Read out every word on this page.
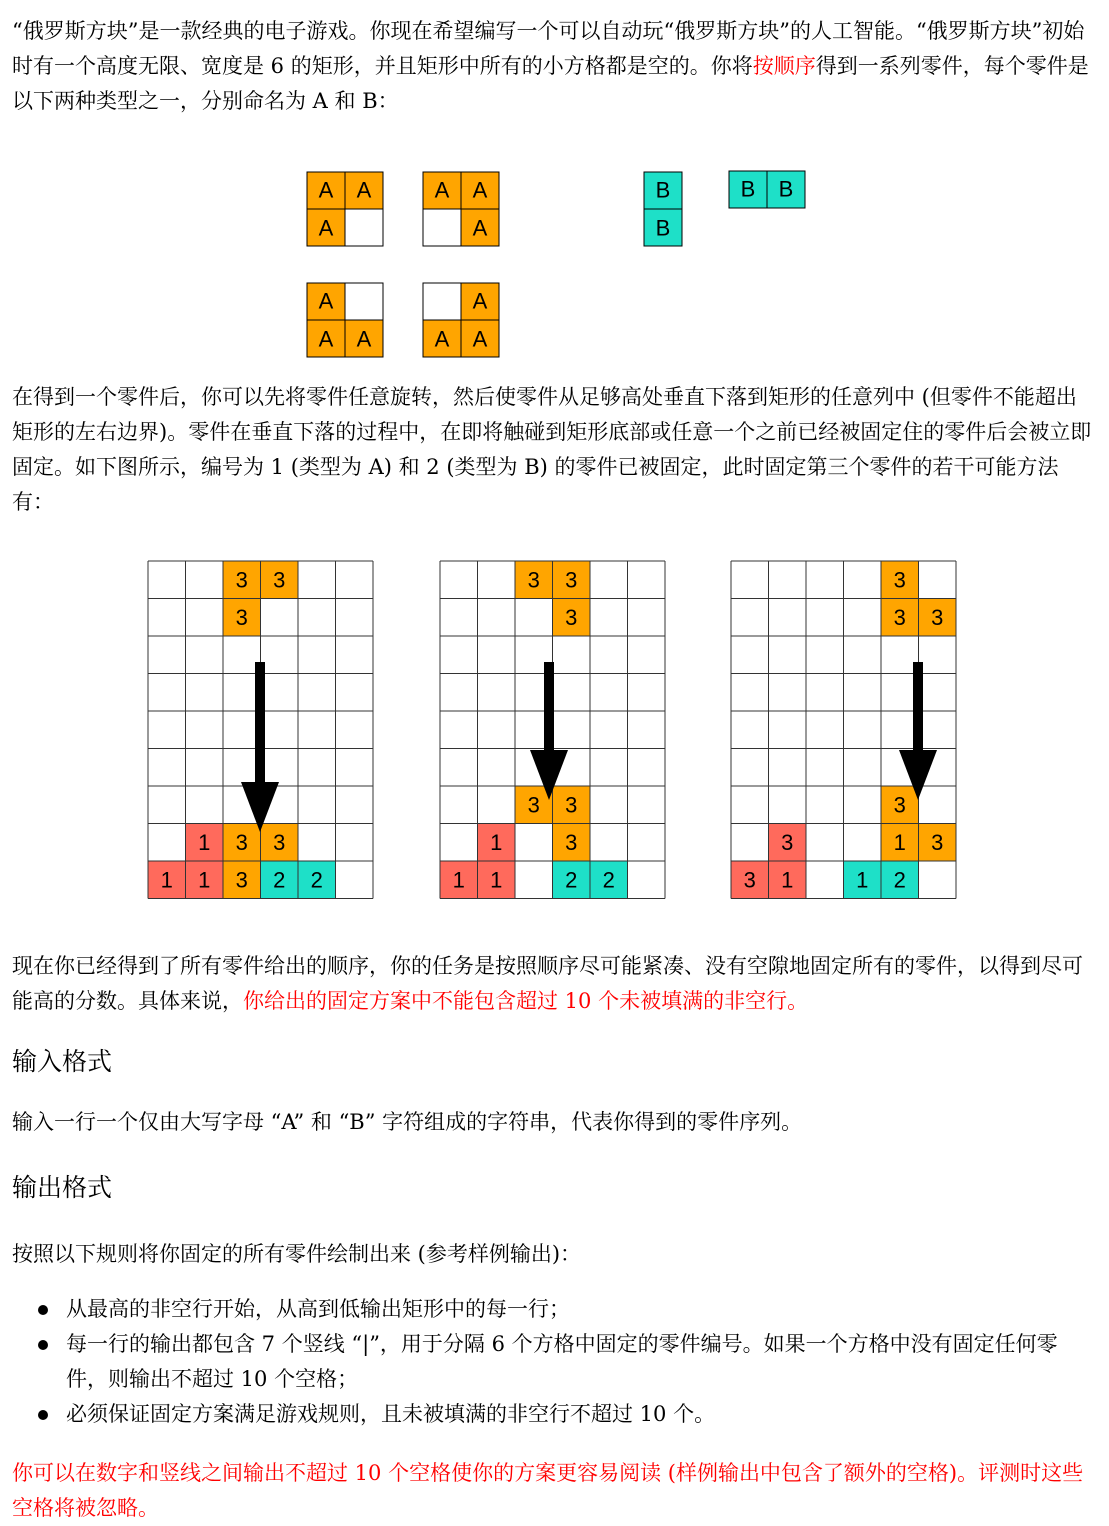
“俄罗斯方块”是一款经典的电子游戏。你现在希望编写一个可以自动玩“俄罗斯方块”的人工智能。“俄罗斯方块”初始时有一个高度无限、宽度是 6 的矩形，并且矩形中所有的小方格都是空的。你将按顺序得到一系列零件，每个零件是以下两种类型之一，分别命名为 A 和 B：

A A
A
A A
A
A
A A
A
A A
B
B
B B

在得到一个零件后，你可以先将零件任意旋转，然后使零件从足够高处垂直下落到矩形的任意列中 (但零件不能超出矩形的左右边界)。零件在垂直下落的过程中，在即将触碰到矩形底部或任意一个之前已经被固定住的零件后会被立即固定。如下图所示，编号为 1 (类型为 A) 和 2 (类型为 B) 的零件已被固定，此时固定第三个零件的若干可能方法有：

3 3
3
1 3 3
1 1 3 2 2
3 3
3
3 3
1	3
1 1	2 2
3
3 3
3
3	1 3
3 1	1 2

现在你已经得到了所有零件给出的顺序，你的任务是按照顺序尽可能紧凑、没有空隙地固定所有的零件，以得到尽可能高的分数。具体来说，你给出的固定方案中不能包含超过 10 个未被填满的非空行。

输入格式

输入一行一个仅由大写字母 “A” 和 “B” 字符组成的字符串，代表你得到的零件序列。

输出格式

按照以下规则将你固定的所有零件绘制出来 (参考样例输出)：

从最高的非空行开始，从高到低输出矩形中的每一行；
每一行的输出都包含 7 个竖线 “|”，用于分隔 6 个方格中固定的零件编号。如果一个方格中没有固定任何零件，则输出不超过 10 个空格；
必须保证固定方案满足游戏规则，且未被填满的非空行不超过 10 个。

你可以在数字和竖线之间输出不超过 10 个空格使你的方案更容易阅读 (样例输出中包含了额外的空格)。评测时这些空格将被忽略。
